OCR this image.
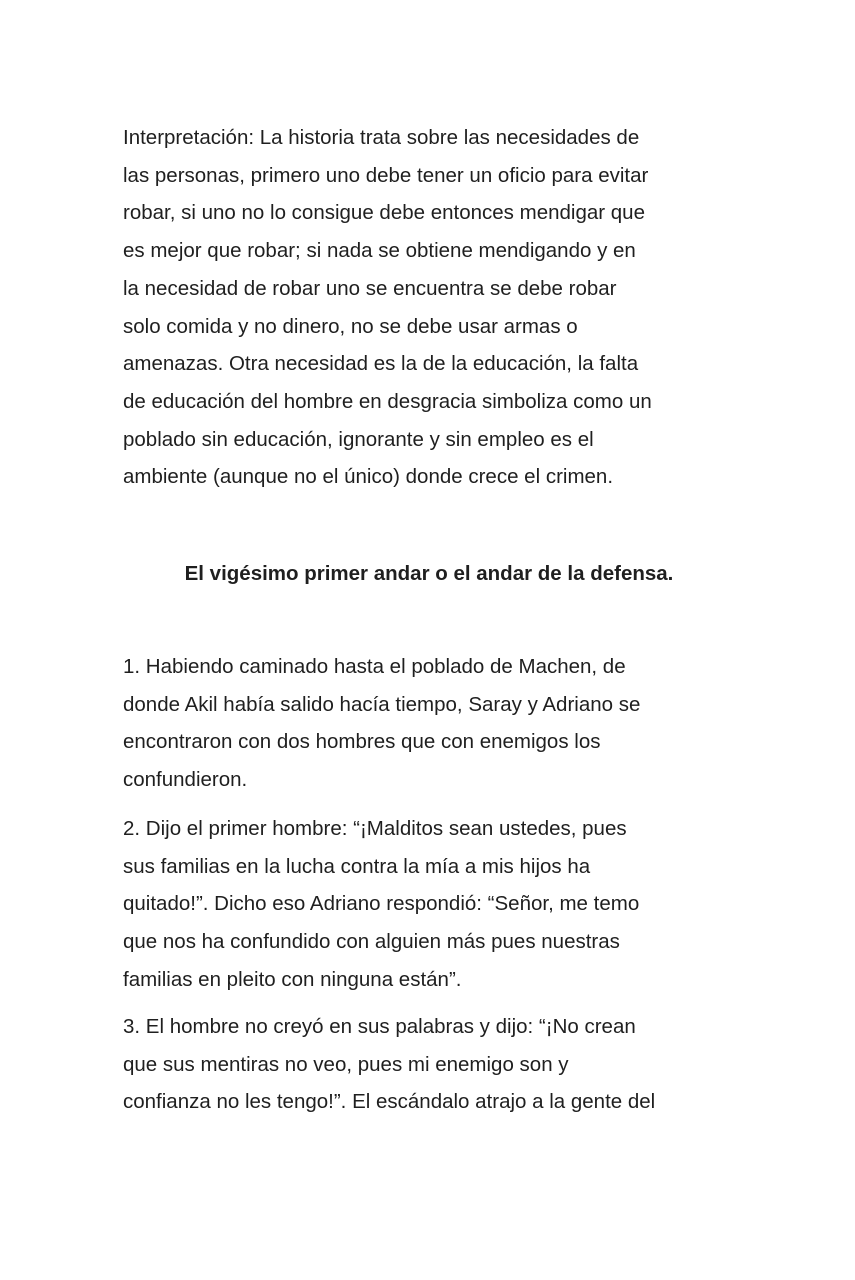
Interpretación: La historia trata sobre las necesidades de
las personas, primero uno debe tener un oficio para evitar
robar, si uno no lo consigue debe entonces mendigar que
es mejor que robar; si nada se obtiene mendigando y en
la necesidad de robar uno se encuentra se debe robar
solo comida y no dinero, no se debe usar armas o
amenazas. Otra necesidad es la de la educación, la falta
de educación del hombre en desgracia simboliza como un
poblado sin educación, ignorante y sin empleo es el
ambiente (aunque no el único) donde crece el crimen.
El vigésimo primer andar o el andar de la defensa.
1. Habiendo caminado hasta el poblado de Machen, de
donde Akil había salido hacía tiempo, Saray y Adriano se
encontraron con dos hombres que con enemigos los
confundieron.
2. Dijo el primer hombre: “¡Malditos sean ustedes, pues
sus familias en la lucha contra la mía a mis hijos ha
quitado!”. Dicho eso Adriano respondió: “Señor, me temo
que nos ha confundido con alguien más pues nuestras
familias en pleito con ninguna están”.
3. El hombre no creyó en sus palabras y dijo: “¡No crean
que sus mentiras no veo, pues mi enemigo son y
confianza no les tengo!”. El escándalo atrajo a la gente del
